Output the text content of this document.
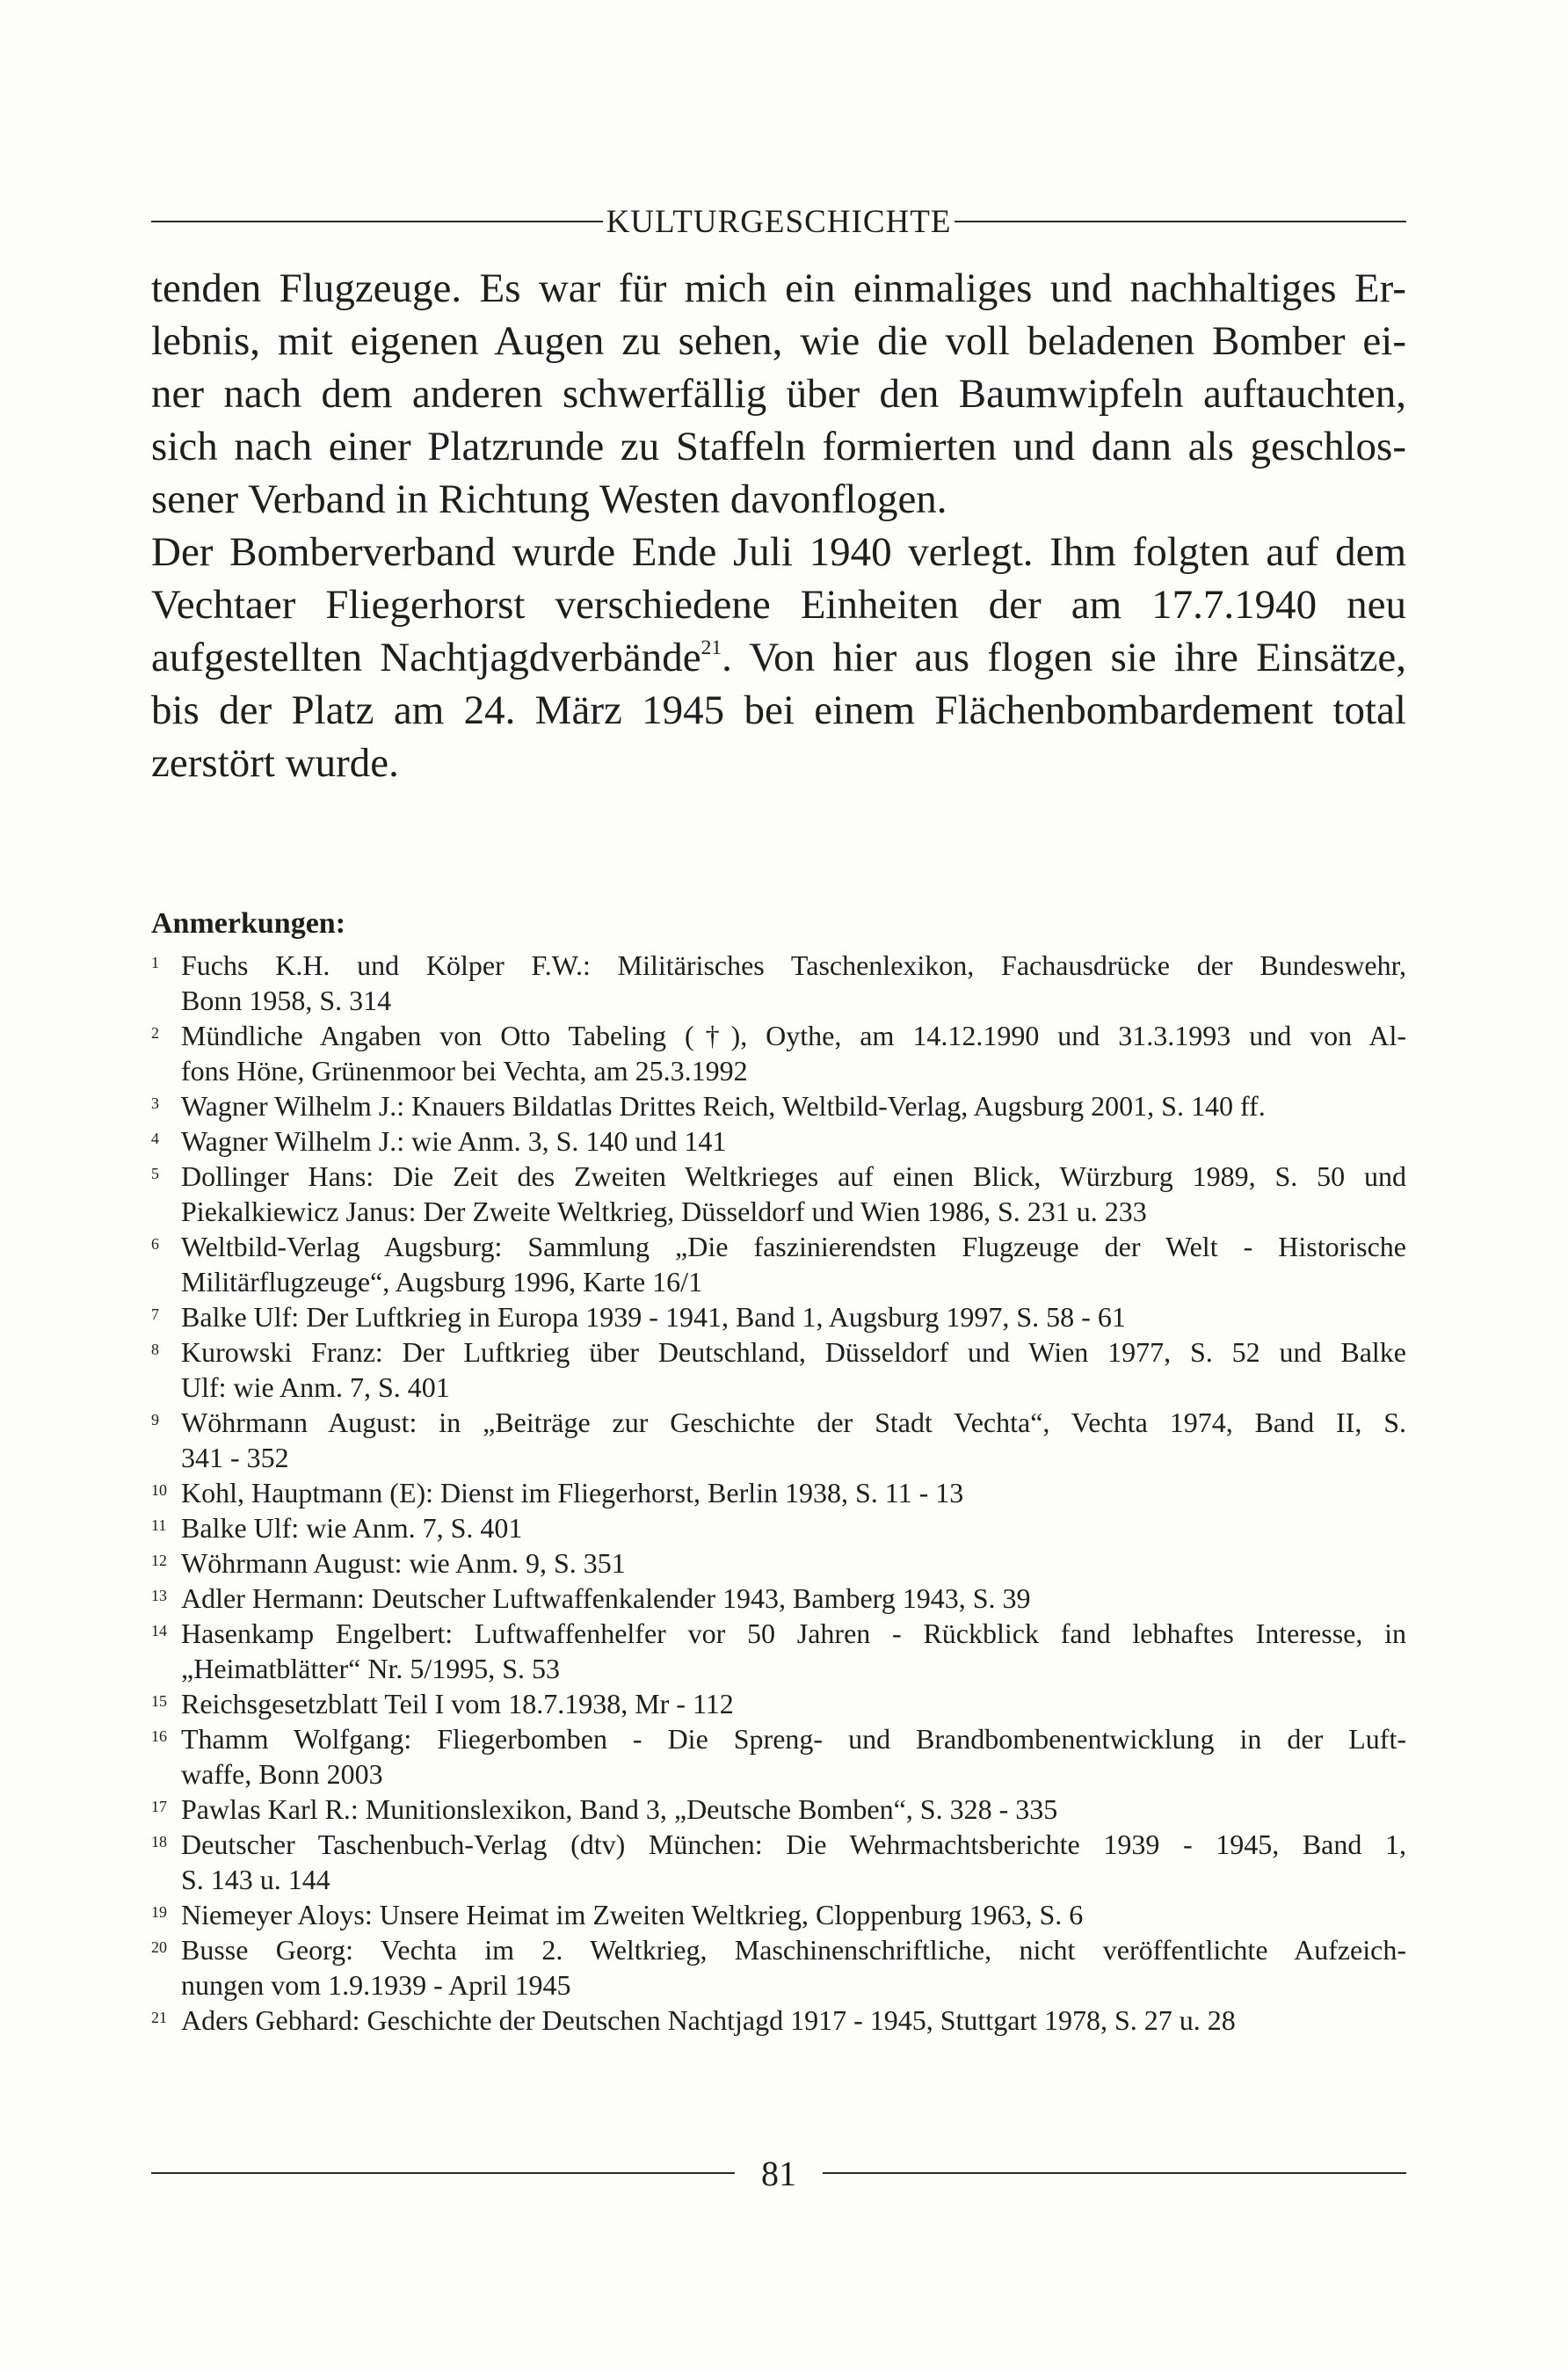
KULTURGESCHICHTE
tenden Flugzeuge. Es war für mich ein einmaliges und nachhaltiges Er-
lebnis, mit eigenen Augen zu sehen, wie die voll beladenen Bomber ei-
ner nach dem anderen schwerfällig über den Baumwipfeln auftauchten,
sich nach einer Platzrunde zu Staffeln formierten und dann als geschlos-
sener Verband in Richtung Westen davonflogen.
Der Bomberverband wurde Ende Juli 1940 verlegt. Ihm folgten auf dem
Vechtaer Fliegerhorst verschiedene Einheiten der am 17.7.1940 neu
aufgestellten Nachtjagdverbände$^{21}$. Von hier aus flogen sie ihre Einsätze,
bis der Platz am 24. März 1945 bei einem Flächenbombardement total
zerstört wurde.
Anmerkungen:
1 Fuchs K.H. und Kölper F.W.: Militärisches Taschenlexikon, Fachausdrücke der Bundeswehr,
Bonn 1958, S. 314
2 Mündliche Angaben von Otto Tabeling (†), Oythe, am 14.12.1990 und 31.3.1993 und von Al-
fons Höne, Grünenmoor bei Vechta, am 25.3.1992
3 Wagner Wilhelm J.: Knauers Bildatlas Drittes Reich, Weltbild-Verlag, Augsburg 2001, S. 140 ff.
4 Wagner Wilhelm J.: wie Anm. 3, S. 140 und 141
5 Dollinger Hans: Die Zeit des Zweiten Weltkrieges auf einen Blick, Würzburg 1989, S. 50 und
Piekalkiewicz Janus: Der Zweite Weltkrieg, Düsseldorf und Wien 1986, S. 231 u. 233
6 Weltbild-Verlag Augsburg: Sammlung „Die faszinierendsten Flugzeuge der Welt - Historische
Militärflugzeuge“, Augsburg 1996, Karte 16/1
7 Balke Ulf: Der Luftkrieg in Europa 1939 - 1941, Band 1, Augsburg 1997, S. 58 - 61
8 Kurowski Franz: Der Luftkrieg über Deutschland, Düsseldorf und Wien 1977, S. 52 und Balke
Ulf: wie Anm. 7, S. 401
9 Wöhrmann August: in „Beiträge zur Geschichte der Stadt Vechta“, Vechta 1974, Band II, S.
341 - 352
10 Kohl, Hauptmann (E): Dienst im Fliegerhorst, Berlin 1938, S. 11 - 13
11 Balke Ulf: wie Anm. 7, S. 401
12 Wöhrmann August: wie Anm. 9, S. 351
13 Adler Hermann: Deutscher Luftwaffenkalender 1943, Bamberg 1943, S. 39
14 Hasenkamp Engelbert: Luftwaffenhelfer vor 50 Jahren - Rückblick fand lebhaftes Interesse, in
„Heimatblätter“ Nr. 5/1995, S. 53
15 Reichsgesetzblatt Teil I vom 18.7.1938, Mr - 112
16 Thamm Wolfgang: Fliegerbomben - Die Spreng- und Brandbombenentwicklung in der Luft-
waffe, Bonn 2003
17 Pawlas Karl R.: Munitionslexikon, Band 3, „Deutsche Bomben“, S. 328 - 335
18 Deutscher Taschenbuch-Verlag (dtv) München: Die Wehrmachtsberichte 1939 - 1945, Band 1,
S. 143 u. 144
19 Niemeyer Aloys: Unsere Heimat im Zweiten Weltkrieg, Cloppenburg 1963, S. 6
20 Busse Georg: Vechta im 2. Weltkrieg, Maschinenschriftliche, nicht veröffentlichte Aufzeich-
nungen vom 1.9.1939 - April 1945
21 Aders Gebhard: Geschichte der Deutschen Nachtjagd 1917 - 1945, Stuttgart 1978, S. 27 u. 28
81
